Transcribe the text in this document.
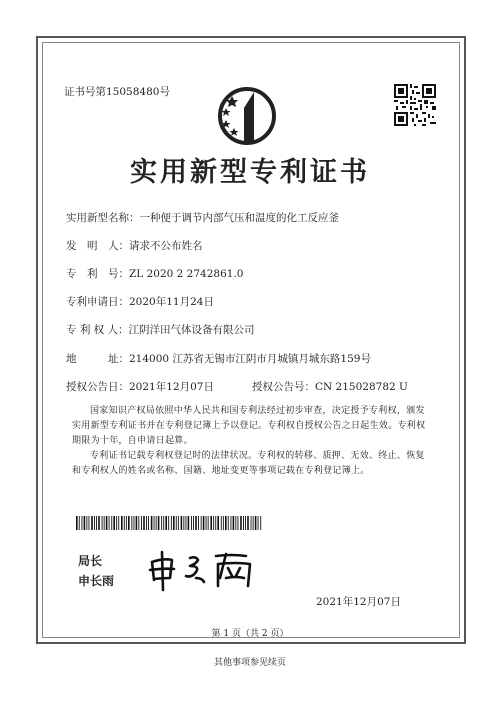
证书号第15058480号
实用新型专利证书
实用新型名称：一种便于调节内部气压和温度的化工反应釜
发　明　人：请求不公布姓名
专　利　号：ZL 2020 2 2742861.0
专利申请日：2020年11月24日
专 利 权 人：江阴洋田气体设备有限公司
地　　　址：214000 江苏省无锡市江阴市月城镇月城东路159号
授权公告日：2021年12月07日	授权公告号：CN 215028782 U
国家知识产权局依照中华人民共和国专利法经过初步审查，决定授予专利权，颁发实用新型专利证书并在专利登记簿上予以登记。专利权自授权公告之日起生效。专利权期限为十年，自申请日起算。
专利证书记载专利权登记时的法律状况。专利权的转移、质押、无效、终止、恢复和专利权人的姓名或名称、国籍、地址变更等事项记载在专利登记簿上。
局长
申长雨
2021年12月07日
第 1 页（共 2 页）
其他事项参见续页
